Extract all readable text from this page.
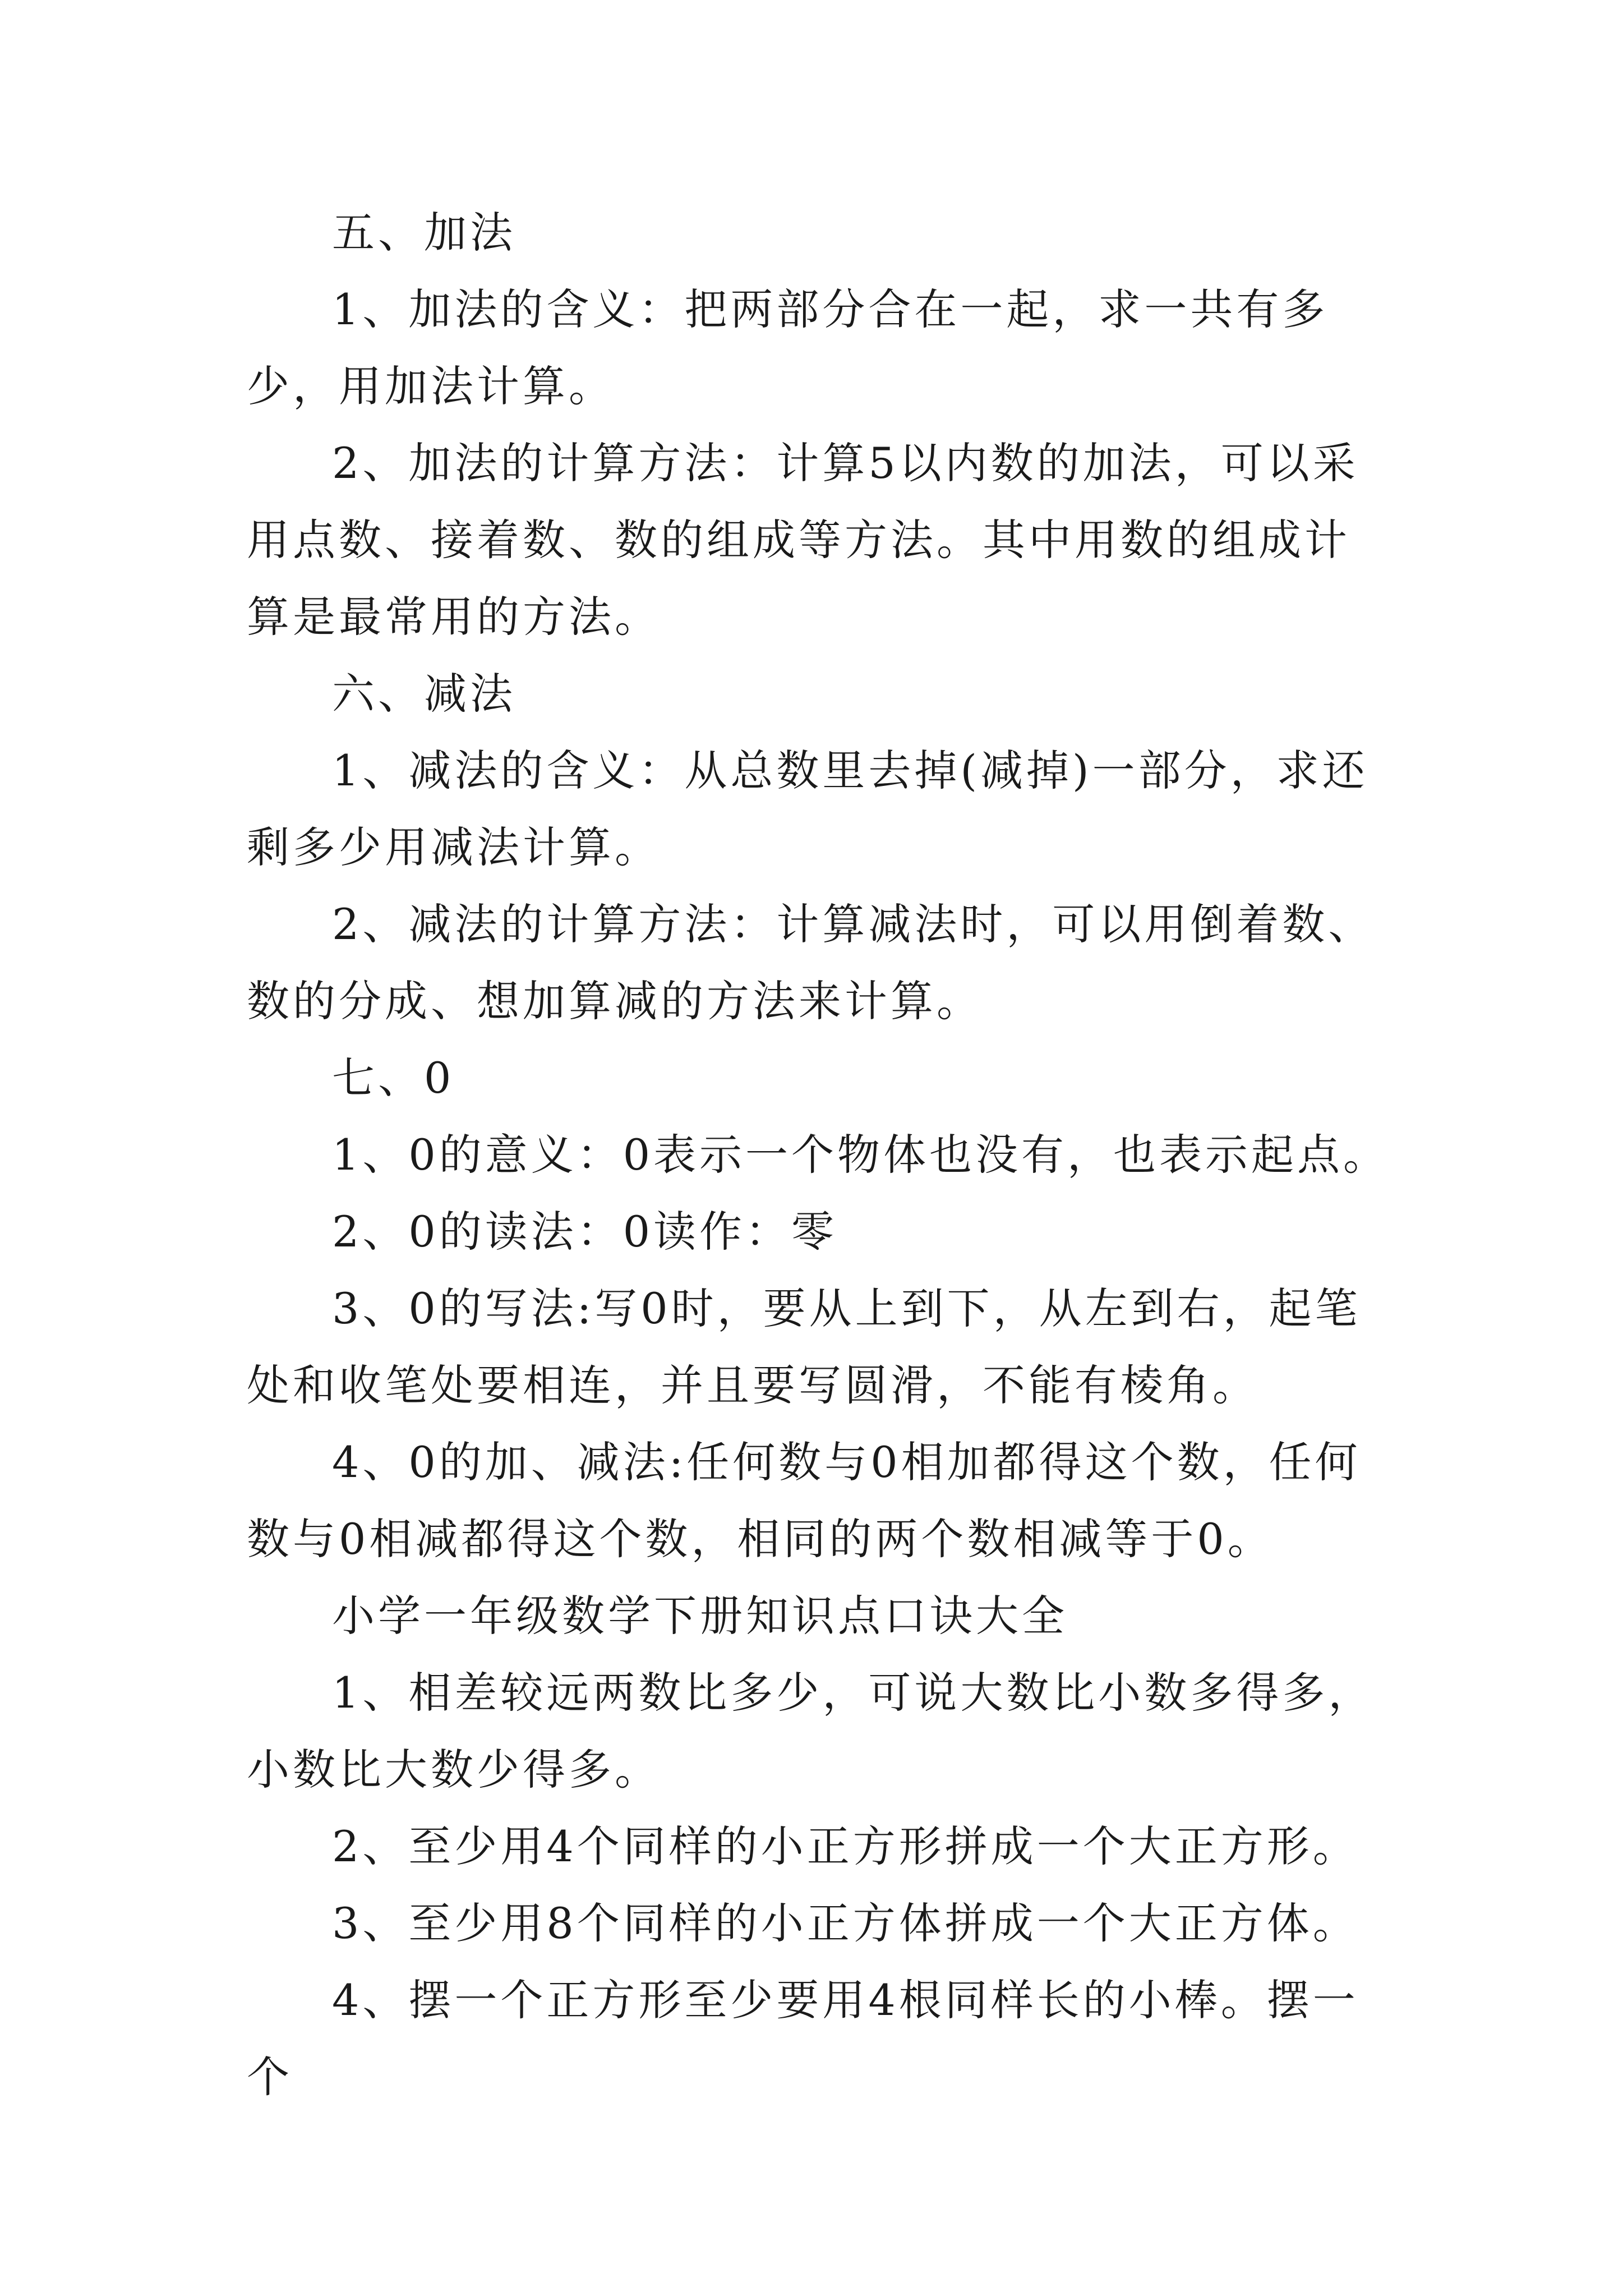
五、加法

1、加法的含义：把两部分合在一起，求一共有多少，用加法计算。

2、加法的计算方法：计算5以内数的加法，可以采用点数、接着数、数的组成等方法。其中用数的组成计算是最常用的方法。

六、减法

1、减法的含义：从总数里去掉(减掉)一部分，求还剩多少用减法计算。

2、减法的计算方法：计算减法时，可以用倒着数、数的分成、想加算减的方法来计算。

七、0

1、0的意义：0表示一个物体也没有，也表示起点。

2、0的读法：0读作：零

3、0的写法:写0时，要从上到下，从左到右，起笔处和收笔处要相连，并且要写圆滑，不能有棱角。

4、0的加、减法:任何数与0相加都得这个数，任何数与0相减都得这个数，相同的两个数相减等于0。

小学一年级数学下册知识点口诀大全

1、相差较远两数比多少，可说大数比小数多得多，小数比大数少得多。

2、至少用4个同样的小正方形拼成一个大正方形。

3、至少用8个同样的小正方体拼成一个大正方体。

4、摆一个正方形至少要用4根同样长的小棒。摆一个
